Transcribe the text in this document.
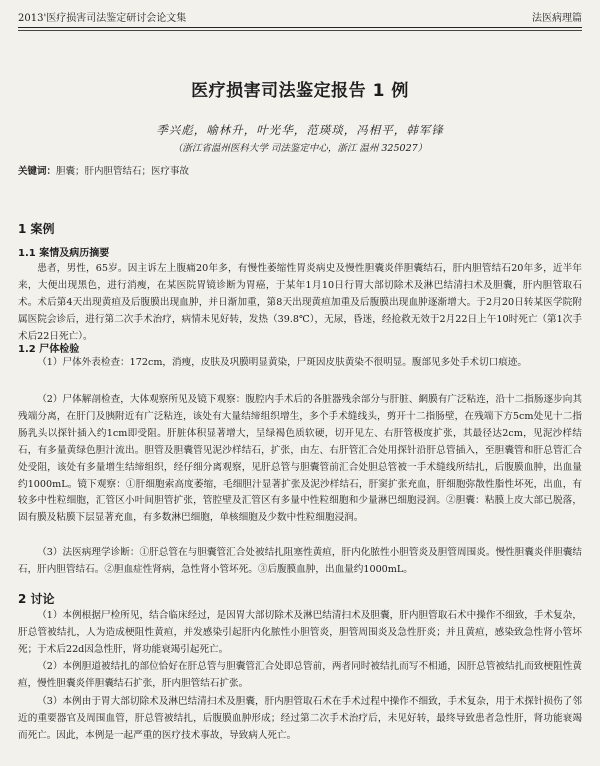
2013'医疗损害司法鉴定研讨会论文集	法医病理篇
医疗损害司法鉴定报告 1 例
季兴彪，喻林升，叶光华，范瑛琰，冯相平，韩军锋
（浙江省温州医科大学 司法鉴定中心，浙江 温州 325027）
关键词：胆囊；肝内胆管结石；医疗事故
1 案例
1.1 案情及病历摘要
患者，男性，65岁。因主诉左上腹痛20年多，有慢性萎缩性胃炎病史及慢性胆囊炎伴胆囊结石，肝内胆管结石20年多，近半年来，大便出现黑色，进行消瘦，在某医院胃镜诊断为胃癌，于某年1月10日行胃大部切除术及淋巴结清扫术及胆囊，肝内胆管取石术。术后第4天出现黄疸及后腹膜出现血肿，并日渐加重，第8天出现黄疸加重及后腹膜出现血肿逐渐增大。于2月20日转某医学院附属医院会诊后，进行第二次手术治疗，病情未见好转，发热（39.8℃），无尿，昏迷，经抢救无效于2月22日上午10时死亡（第1次手术后22日死亡）。
1.2 尸体检验
（1）尸体外表检查：172cm，消瘦，皮肤及巩膜明显黄染，尸斑因皮肤黄染不很明显。腹部见多处手术切口痕迹。
（2）尸体解剖检查，大体观察所见及镜下观察：腹腔内手术后的各脏器残余部分与肝脏、網膜有广泛粘连，沿十二指肠逐步向其残端分离，在肝门及胰附近有广泛粘连，该处有大量结缔组织增生，多个手术缝线头，剪开十二指肠壁，在残端下方5cm处见十二指肠乳头以探针插入约1cm即受阻。肝脏体积显著增大，呈绿褐色质软硬，切开见左、右肝管极度扩张，其最径达2cm，见泥沙样结石，有多量黄绿色胆汁流出。胆管及胆囊管见泥沙样结石，扩张，由左、右肝管汇合处用探针沿肝总管插入，至胆囊管和肝总管汇合处受阻，该处有多量增生结缔组织，经仔细分离观察，见肝总管与胆囊管前汇合处胆总管被一手术缝线所结扎，后腹膜血肿，出血量约1000mL。镜下观察：①肝细胞索高度萎缩，毛细胆汁显著扩张及泥沙样结石，肝窦扩张充血，肝细胞弥散性脂性坏死，出血，有较多中性粒细胞，汇管区小叶间胆管扩张，管腔壁及汇管区有多量中性粒细胞和少量淋巴细胞浸润。②胆囊：粘膜上皮大部已脱落，固有膜及粘膜下层显著充血，有多数淋巴细胞，单核细胞及少数中性粒细胞浸润。
（3）法医病理学诊断：①肝总管在与胆囊管汇合处被结扎阻塞性黄疸，肝内化脓性小胆管炎及胆管周围炎。慢性胆囊炎伴胆囊结石，肝内胆管结石。②胆血症性肾病，急性肾小管坏死。③后腹膜血肿，出血量约1000mL。
2 讨论
（1）本例根据尸检所见，结合临床经过，是因胃大部切除术及淋巴结清扫术及胆囊，肝内胆管取石术中操作不细致，手术复杂，肝总管被结扎，人为造成梗阻性黄疸，并发感染引起肝内化脓性小胆管炎，胆管周围炎及急性肝炎；并且黄疸，感染致急性肾小管坏死；于术后22d因急性肝，肾功能衰竭引起死亡。
（2）本例胆道被结扎的部位恰好在肝总管与胆囊管汇合处即总管前，两者同时被结扎而写不相通，因肝总管被结扎而致梗阻性黄疸，慢性胆囊炎伴胆囊结石扩张，肝内胆管结石扩张。
（3）本例由于胃大部切除术及淋巴结清扫术及胆囊，肝内胆管取石术在手术过程中操作不细致，手术复杂，用于术探针损伤了邻近的重要器官及周围血管，肝总管被结扎，后腹膜血肿形成；经过第二次手术治疗后，未见好转，最终导致患者急性肝，肾功能衰竭而死亡。因此，本例是一起严重的医疗技术事故，导致病人死亡。
